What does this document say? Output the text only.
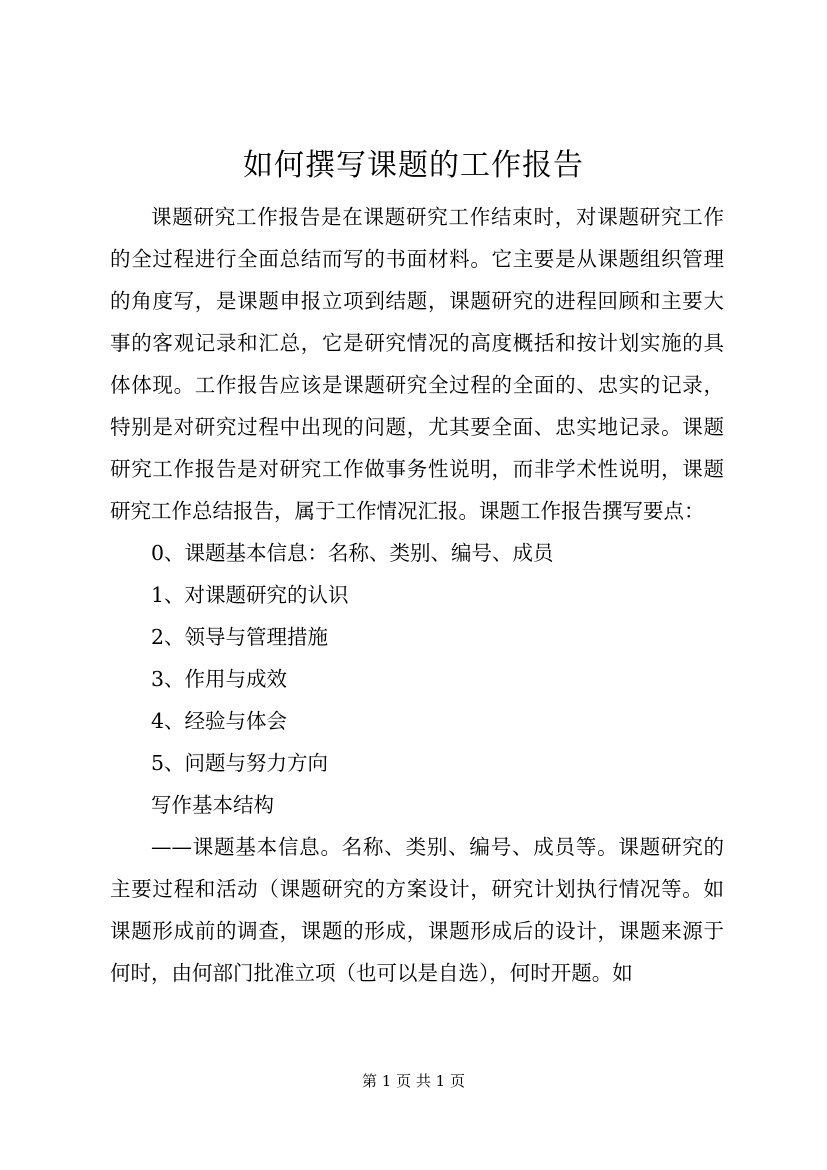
如何撰写课题的工作报告

课题研究工作报告是在课题研究工作结束时，对课题研究工作的全过程进行全面总结而写的书面材料。它主要是从课题组织管理的角度写，是课题申报立项到结题，课题研究的进程回顾和主要大事的客观记录和汇总，它是研究情况的高度概括和按计划实施的具体体现。工作报告应该是课题研究全过程的全面的、忠实的记录，特别是对研究过程中出现的问题，尤其要全面、忠实地记录。课题研究工作报告是对研究工作做事务性说明，而非学术性说明，课题研究工作总结报告，属于工作情况汇报。课题工作报告撰写要点：

0、课题基本信息：名称、类别、编号、成员
1、对课题研究的认识
2、领导与管理措施
3、作用与成效
4、经验与体会
5、问题与努力方向

写作基本结构

——课题基本信息。名称、类别、编号、成员等。课题研究的主要过程和活动（课题研究的方案设计，研究计划执行情况等。如课题形成前的调查，课题的形成，课题形成后的设计，课题来源于何时，由何部门批准立项（也可以是自选），何时开题。如

第 1 页 共 1 页
